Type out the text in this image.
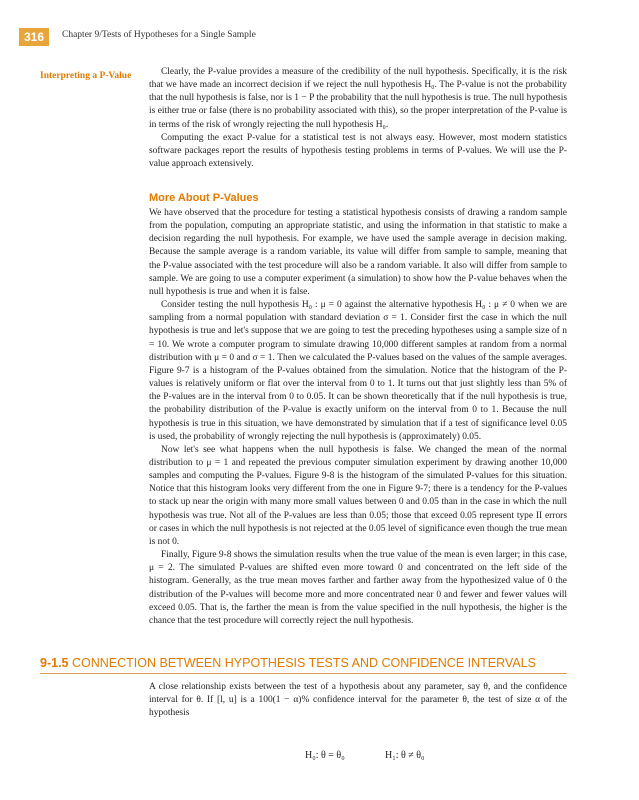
316	Chapter 9/Tests of Hypotheses for a Single Sample
Interpreting a P-Value	Clearly, the P-value provides a measure of the credibility of the null hypothesis. Specifically, it is the risk that we have made an incorrect decision if we reject the null hypothesis H₀. The P-value is not the probability that the null hypothesis is false, nor is 1 − P the probability that the null hypothesis is true. The null hypothesis is either true or false (there is no probability associated with this), so the proper interpretation of the P-value is in terms of the risk of wrongly rejecting the null hypothesis H₀.

Computing the exact P-value for a statistical test is not always easy. However, most modern statistics software packages report the results of hypothesis testing problems in terms of P-values. We will use the P-value approach extensively.

More About P-Values

We have observed that the procedure for testing a statistical hypothesis consists of drawing a random sample from the population, computing an appropriate statistic, and using the information in that statistic to make a decision regarding the null hypothesis. For example, we have used the sample average in decision making. Because the sample average is a random variable, its value will differ from sample to sample, meaning that the P-value associated with the test procedure will also be a random variable. It also will differ from sample to sample. We are going to use a computer experiment (a simulation) to show how the P-value behaves when the null hypothesis is true and when it is false.

Consider testing the null hypothesis H₀ : μ = 0 against the alternative hypothesis H₀ : μ ≠ 0 when we are sampling from a normal population with standard deviation σ = 1. Consider first the case in which the null hypothesis is true and let's suppose that we are going to test the preceding hypotheses using a sample size of n = 10. We wrote a computer program to simulate drawing 10,000 different samples at random from a normal distribution with μ = 0 and σ = 1. Then we calculated the P-values based on the values of the sample averages. Figure 9-7 is a histogram of the P-values obtained from the simulation. Notice that the histogram of the P-values is relatively uniform or flat over the interval from 0 to 1. It turns out that just slightly less than 5% of the P-values are in the interval from 0 to 0.05. It can be shown theoretically that if the null hypothesis is true, the probability distribution of the P-value is exactly uniform on the interval from 0 to 1. Because the null hypothesis is true in this situation, we have demonstrated by simulation that if a test of significance level 0.05 is used, the probability of wrongly rejecting the null hypothesis is (approximately) 0.05.

Now let's see what happens when the null hypothesis is false. We changed the mean of the normal distribution to μ = 1 and repeated the previous computer simulation experiment by drawing another 10,000 samples and computing the P-values. Figure 9-8 is the histogram of the simulated P-values for this situation. Notice that this histogram looks very different from the one in Figure 9-7; there is a tendency for the P-values to stack up near the origin with many more small values between 0 and 0.05 than in the case in which the null hypothesis was true. Not all of the P-values are less than 0.05; those that exceed 0.05 represent type II errors or cases in which the null hypothesis is not rejected at the 0.05 level of significance even though the true mean is not 0.

Finally, Figure 9-8 shows the simulation results when the true value of the mean is even larger; in this case, μ = 2. The simulated P-values are shifted even more toward 0 and concentrated on the left side of the histogram. Generally, as the true mean moves farther and farther away from the hypothesized value of 0 the distribution of the P-values will become more and more concentrated near 0 and fewer and fewer values will exceed 0.05. That is, the farther the mean is from the value specified in the null hypothesis, the higher is the chance that the test procedure will correctly reject the null hypothesis.

9-1.5 CONNECTION BETWEEN HYPOTHESIS TESTS AND CONFIDENCE INTERVALS

A close relationship exists between the test of a hypothesis about any parameter, say θ, and the confidence interval for θ. If [l, u] is a 100(1 − α)% confidence interval for the parameter θ, the test of size α of the hypothesis

H₀: θ = θ₀	H₁: θ ≠ θ₀
